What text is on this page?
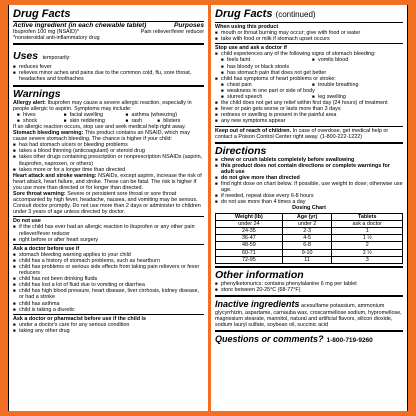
Drug Facts
Active ingredient (in each chewable tablet)	Purposes
Ibuprofen 100 mg (NSAID)*	Pain reliever/fever reducer
*nonsteroidal anti-inflammatory drug
Uses temporarily:
■ reduces fever
■ relieves minor aches and pains due to the common cold, flu, sore throat, headaches and toothaches
Warnings
Allergy alert: Ibuprofen may cause a severe allergic reaction, especially in people allergic to aspirin. Symptoms may include:
■ hives	■ facial swelling	■ asthma (wheezing)
■ shock	■ skin reddening	■ rash	■ blisters
If an allergic reaction occurs, stop use and seek medical help right away.
Stomach bleeding warning: This product contains an NSAID, which may cause severe stomach bleeding. The chance is higher if your child:
■ has had stomach ulcers or bleeding problems
■ takes a blood thinning (anticoagulant) or steroid drug
■ takes other drugs containing prescription or nonprescription NSAIDs (aspirin, ibuprofen, naproxen, or others)
■ takes more or for a longer time than directed
Heart attack and stroke warning: NSAIDs, except aspirin, increase the risk of heart attack, heart failure, and stroke. These can be fatal. The risk is higher if you use more than directed or for longer than directed.
Sore throat warning: Severe or persistent sore throat or sore throat accompanied by high fever, headache, nausea, and vomiting may be serious. Consult doctor promptly. Do not use more than 2 days or administer to children under 3 years of age unless directed by doctor.
Do not use
■ if the child has ever had an allergic reaction to ibuprofen or any other pain reliever/fever reducer
■ right before or after heart surgery
Ask a doctor before use if
■ stomach bleeding warning applies to your child
■ child has a history of stomach problems, such as heartburn
■ child has problems or serious side effects from taking pain relievers or fever reducers
■ child has not been drinking fluids
■ child has lost a lot of fluid due to vomiting or diarrhea
■ child has high blood pressure, heart disease, liver cirrhosis, kidney disease, or had a stroke
■ child has asthma
■ child is taking a diuretic
Ask a doctor or pharmacist before use if the child is
■ under a doctor's care for any serious condition
■ taking any other drug
Drug Facts (continued)
When using this product
■ mouth or throat burning may occur; give with food or water
■ take with food or milk if stomach upset occurs
Stop use and ask a doctor if
■ child experiences any of the following signs of stomach bleeding:
■ feels faint	■ vomits blood
■ has bloody or black stools
■ has stomach pain that does not get better
■ child has symptoms of heart problems or stroke:
■ chest pain	■ trouble breathing
■ weakness in one part or side of body
■ slurred speech	■ leg swelling
■ the child does not get any relief within first day (24 hours) of treatment
■ fever or pain gets worse or lasts more than 3 days
■ redness or swelling is present in the painful area
■ any new symptoms appear
Keep out of reach of children. In case of overdose, get medical help or contact a Poison Control Center right away. (1-800-222-1222)
Directions
■ chew or crush tablets completely before swallowing
■ this product does not contain directions or complete warnings for adult use
■ do not give more than directed
■ find right dose on chart below. If possible, use weight to dose; otherwise use age.
■ if needed, repeat dose every 6-8 hours
■ do not use more than 4 times a day
Dosing Chart
Weight (lb)	Age (yr)	Tablets
under 24	under 2	ask a doctor
24-35	2-3	1
36-47	4-5	1 ½
48-59	6-8	2
60-71	9-10	2 ½
72-95	11	3
Other information
■ phenylketonurics: contains phenylalanine 6 mg per tablet
■ store between 20-25°C (68-77°F)
Inactive ingredients acesulfame potassium, ammonium glycyrrhizin, aspartame, carnauba wax, croscarmellose sodium, hypromellose, magnesium stearate, mannitol, natural and artificial flavors, silicon dioxide, sodium lauryl sulfate, soybean oil, succinic acid
Questions or comments? 1-800-719-9260
